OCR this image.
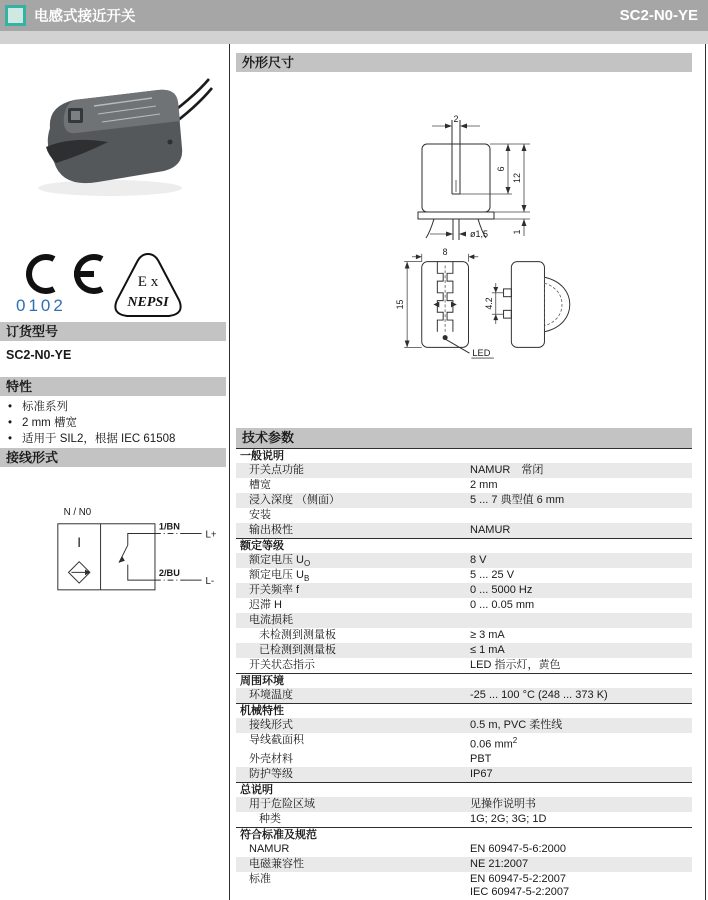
电感式接近开关	SC2-N0-YE
0102
E x
NEPSI
订货型号
SC2-N0-YE
特性
• 标准系列
• 2 mm 槽宽
• 适用于 SIL2，根据 IEC 61508
接线形式
N / N0
I
1/BN
2/BU
L+
L-
外形尺寸
2
6
12
1
ø1,5
LED
8
15	4.2
技术参数
一般说明
开关点功能	NAMUR　常闭
槽宽	2 mm
浸入深度 （侧面）	5 ... 7 典型值 6 mm
安装
输出极性	NAMUR
额定等级
额定电压 $U_O$	8 V
额定电压 $U_B$	5 ... 25 V
开关频率 f	0 ... 5000 Hz
迟滞 H	0 ... 0.05 mm
电流损耗
未检测到测量板	≥ 3 mA
已检测到测量板	≤ 1 mA
开关状态指示	LED 指示灯，黄色
周围环境
环境温度	-25 ... 100 °C (248 ... 373 K)
机械特性
接线形式	0.5 m, PVC 柔性线
导线截面积	0.06 $mm^2$
外壳材料	PBT
防护等级	IP67
总说明
用于危险区域	见操作说明书
种类	1G; 2G; 3G; 1D
符合标准及规范
NAMUR	EN 60947-5-6:2000
电磁兼容性	NE 21:2007
标准	EN 60947-5-2:2007
IEC 60947-5-2:2007
